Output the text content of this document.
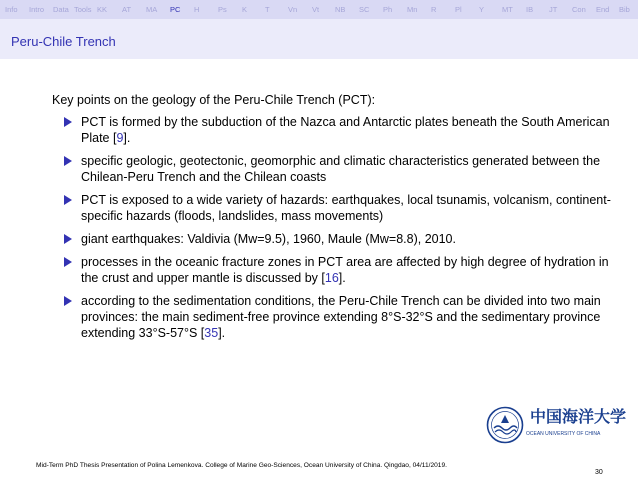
Info Intro Data Tools KK AT MA PC H Ps K T Vn Vt NB SC Ph Mn R Pl Y MT IB JT Con End Bib
Peru-Chile Trench
Key points on the geology of the Peru-Chile Trench (PCT):
PCT is formed by the subduction of the Nazca and Antarctic plates beneath the South American Plate [9].
specific geologic, geotectonic, geomorphic and climatic characteristics generated between the Chilean-Peru Trench and the Chilean coasts
PCT is exposed to a wide variety of hazards: earthquakes, local tsunamis, volcanism, continent-specific hazards (floods, landslides, mass movements)
giant earthquakes: Valdivia (Mw=9.5), 1960, Maule (Mw=8.8), 2010.
processes in the oceanic fracture zones in PCT area are affected by high degree of hydration in the crust and upper mantle is discussed by [16].
according to the sedimentation conditions, the Peru-Chile Trench can be divided into two main provinces: the main sediment-free province extending 8°S-32°S and the sedimentary province extending 33°S-57°S [35].
中国海洋大学
OCEAN UNIVERSITY OF CHINA
Mid-Term PhD Thesis Presentation of Polina Lemenkova. College of Marine Geo-Sciences, Ocean University of China. Qingdao, 04/11/2019.
30
